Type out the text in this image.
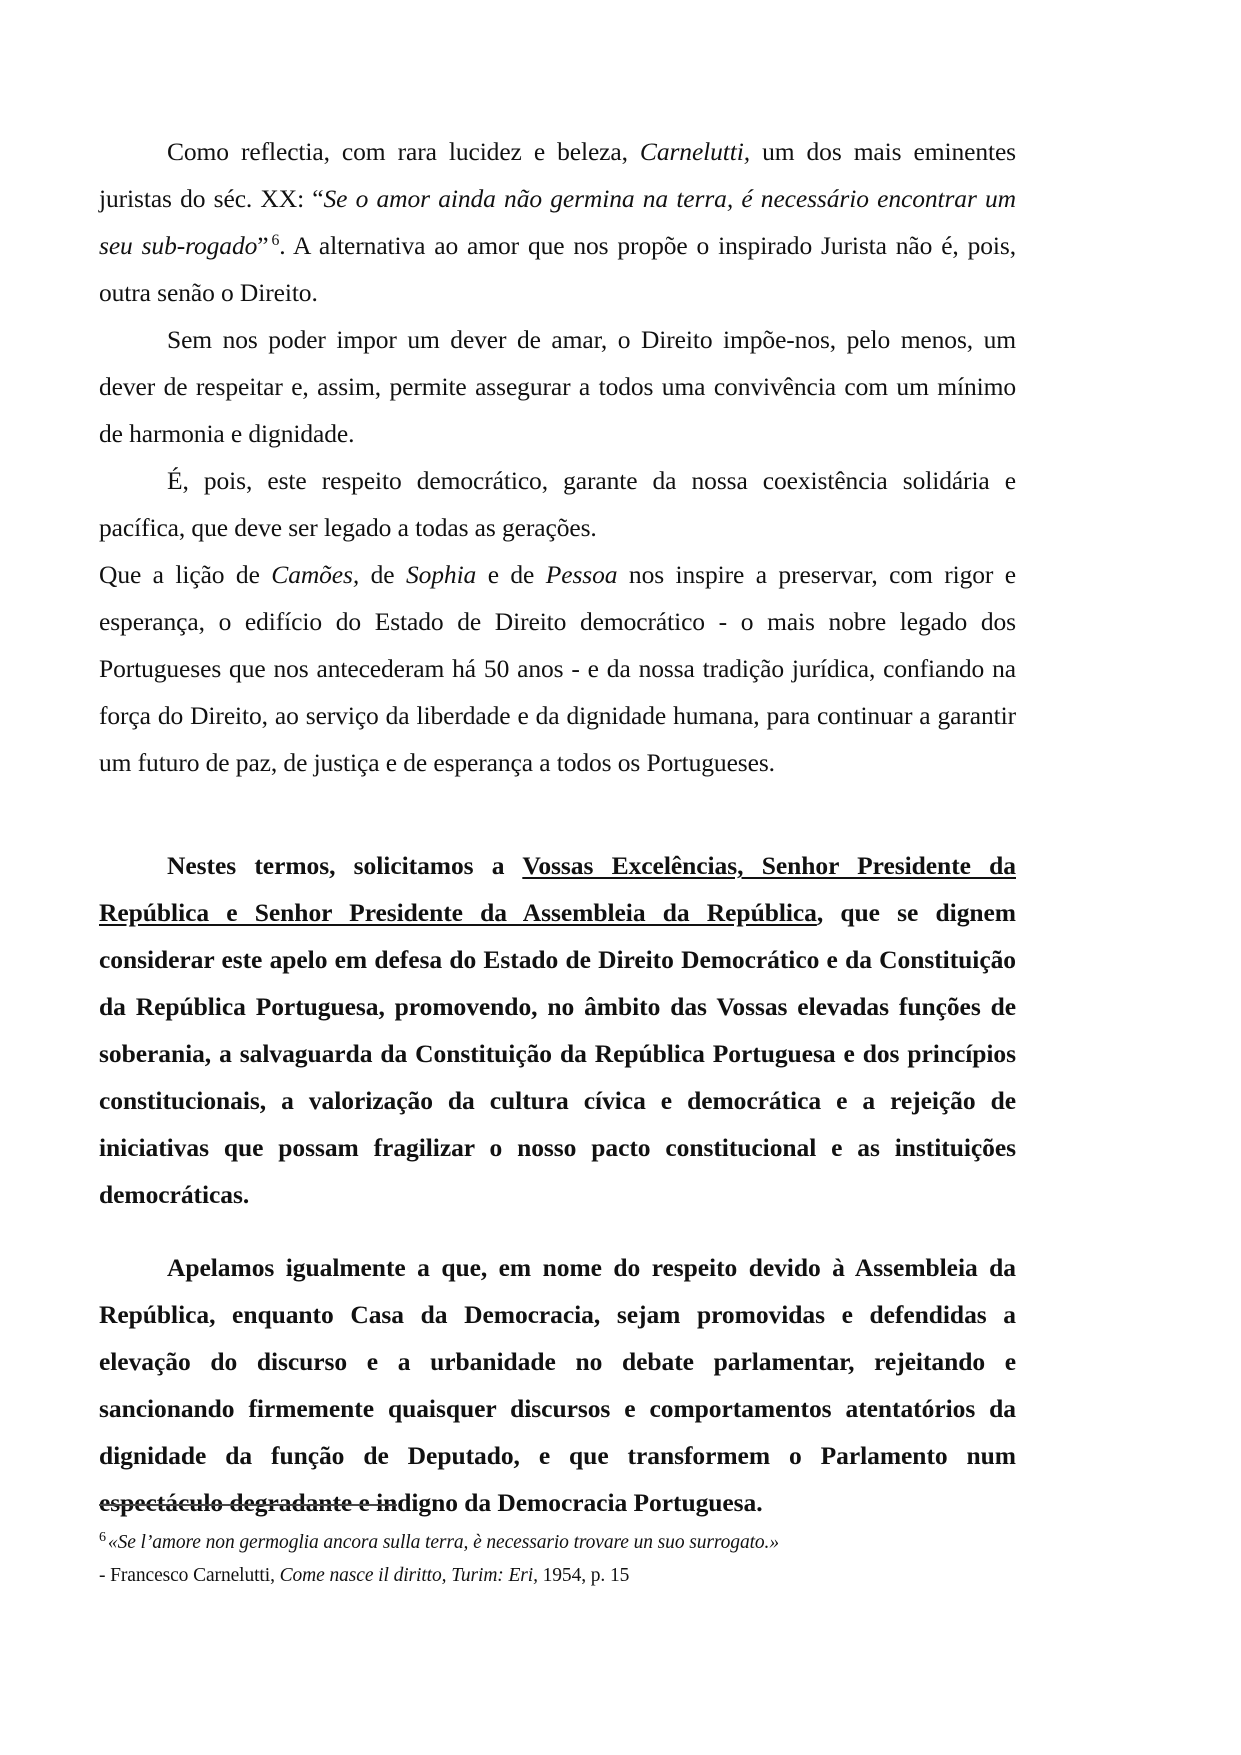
Como reflectia, com rara lucidez e beleza, Carnelutti, um dos mais eminentes juristas do séc. XX: “Se o amor ainda não germina na terra, é necessário encontrar um seu sub-rogado” $^6$. A alternativa ao amor que nos propõe o inspirado Jurista não é, pois, outra senão o Direito.

Sem nos poder impor um dever de amar, o Direito impõe-nos, pelo menos, um dever de respeitar e, assim, permite assegurar a todos uma convivência com um mínimo de harmonia e dignidade.

É, pois, este respeito democrático, garante da nossa coexistência solidária e pacífica, que deve ser legado a todas as gerações.

Que a lição de Camões, de Sophia e de Pessoa nos inspire a preservar, com rigor e esperança, o edifício do Estado de Direito democrático - o mais nobre legado dos Portugueses que nos antecederam há 50 anos - e da nossa tradição jurídica, confiando na força do Direito, ao serviço da liberdade e da dignidade humana, para continuar a garantir um futuro de paz, de justiça e de esperança a todos os Portugueses.

Nestes termos, solicitamos a Vossas Excelências, Senhor Presidente da República e Senhor Presidente da Assembleia da República, que se dignem considerar este apelo em defesa do Estado de Direito Democrático e da Constituição da República Portuguesa, promovendo, no âmbito das Vossas elevadas funções de soberania, a salvaguarda da Constituição da República Portuguesa e dos princípios constitucionais, a valorização da cultura cívica e democrática e a rejeição de iniciativas que possam fragilizar o nosso pacto constitucional e as instituições democráticas.

Apelamos igualmente a que, em nome do respeito devido à Assembleia da República, enquanto Casa da Democracia, sejam promovidas e defendidas a elevação do discurso e a urbanidade no debate parlamentar, rejeitando e sancionando firmemente quaisquer discursos e comportamentos atentatórios da dignidade da função de Deputado, e que transformem o Parlamento num espectáculo degradante e indigno da Democracia Portuguesa.

$^6$ «Se l’amore non germoglia ancora sulla terra, è necessario trovare un suo surrogato.»

- Francesco Carnelutti, Come nasce il diritto, Turim: Eri, 1954, p. 15
